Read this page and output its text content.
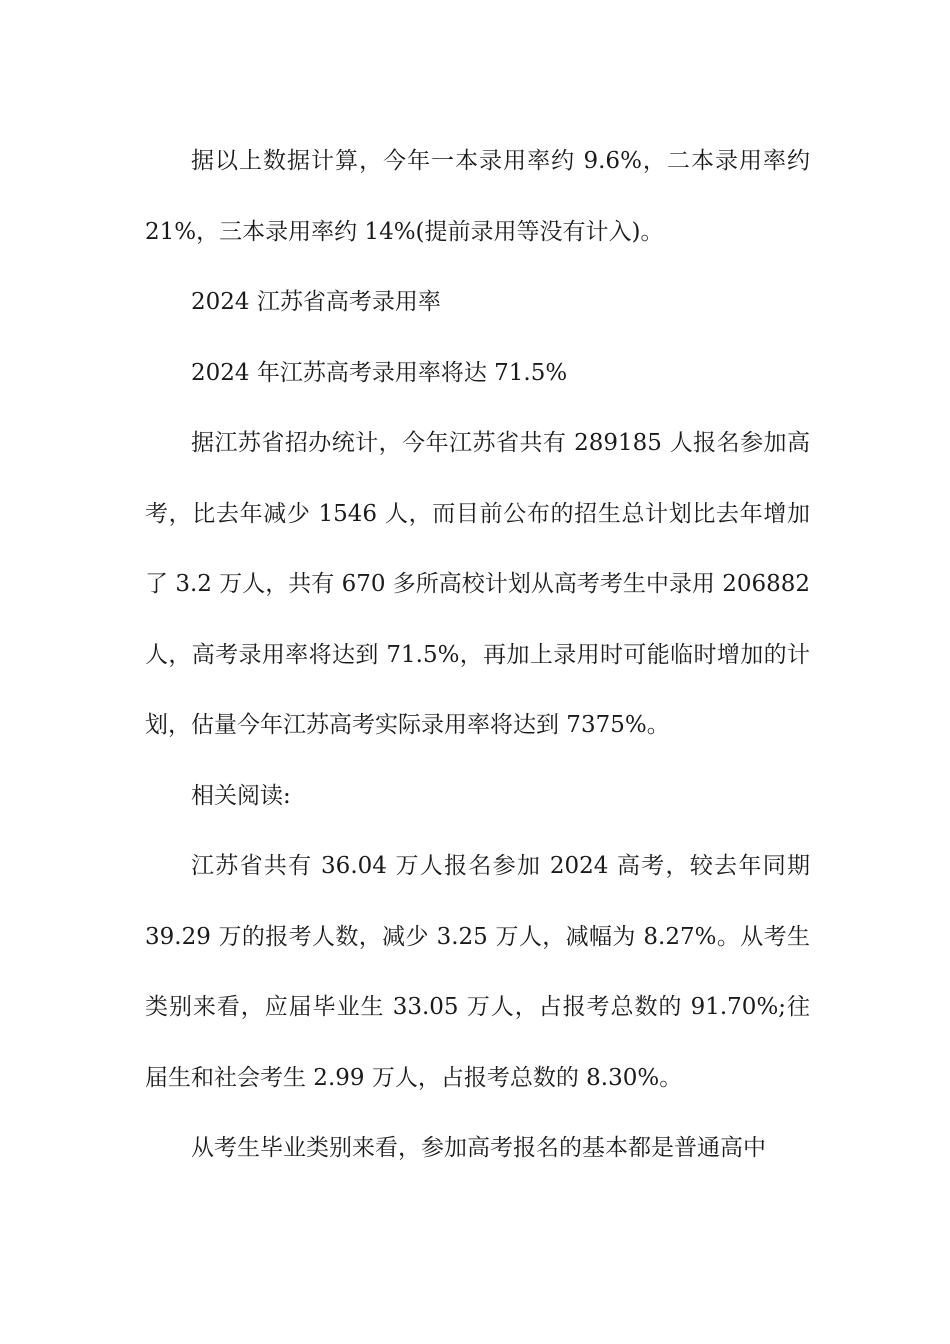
据以上数据计算，今年一本录用率约 9.6%，二本录用率约21%，三本录用率约 14%(提前录用等没有计入)。

2024 江苏省高考录用率

2024 年江苏高考录用率将达 71.5%

据江苏省招办统计，今年江苏省共有 289185 人报名参加高考，比去年减少 1546 人，而目前公布的招生总计划比去年增加了 3.2 万人，共有 670 多所高校计划从高考考生中录用 206882人，高考录用率将达到 71.5%，再加上录用时可能临时增加的计划，估量今年江苏高考实际录用率将达到 7375%。

相关阅读:

江苏省共有 36.04 万人报名参加 2024 高考，较去年同期39.29 万的报考人数，减少 3.25 万人，减幅为 8.27%。从考生类别来看，应届毕业生 33.05 万人，占报考总数的 91.70%;往届生和社会考生 2.99 万人，占报考总数的 8.30%。

从考生毕业类别来看，参加高考报名的基本都是普通高中
